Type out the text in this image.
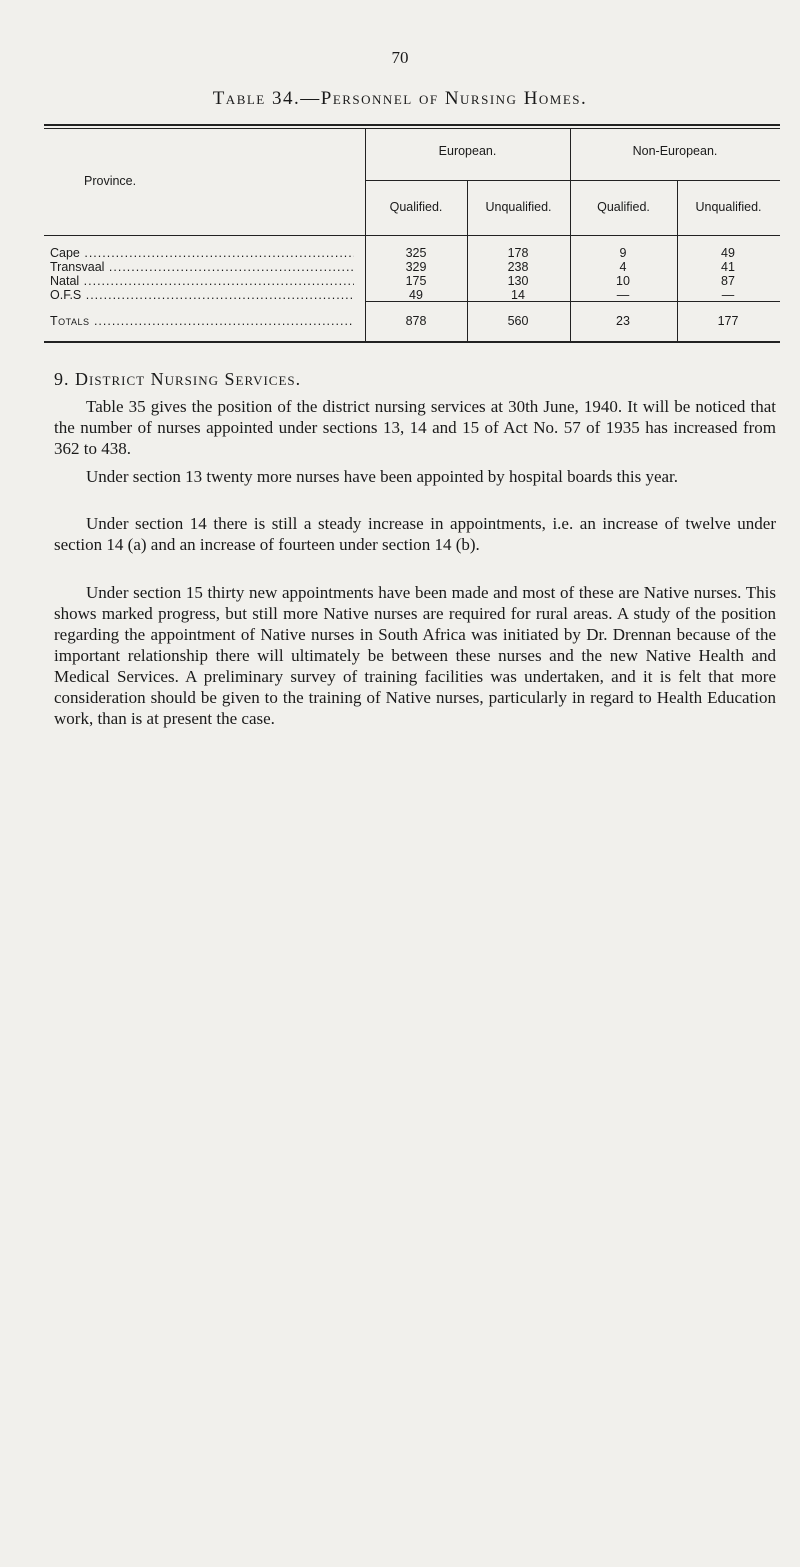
70
Table 34.—Personnel of Nursing Homes.
Province.
European.	Non-European.
Qualified.	Unqualified.	Qualified.	Unqualified.
Cape .....	325	178	9	49
Transvaal .....	329	238	4	41
Natal .....	175	130	10	87
O.F.S .....	49	14	—	—
Totals .....	878	560	23	177
9. District Nursing Services.

Table 35 gives the position of the district nursing services at 30th June, 1940. It will be noticed that the number of nurses appointed under sections 13, 14 and 15 of Act No. 57 of 1935 has increased from 362 to 438.

Under section 13 twenty more nurses have been appointed by hospital boards this year.

Under section 14 there is still a steady increase in appointments, i.e. an increase of twelve under section 14 (a) and an increase of fourteen under section 14 (b).

Under section 15 thirty new appointments have been made and most of these are Native nurses. This shows marked progress, but still more Native nurses are required for rural areas. A study of the position regarding the appointment of Native nurses in South Africa was initiated by Dr. Drennan because of the important relationship there will ultimately be between these nurses and the new Native Health and Medical Services. A preliminary survey of training facilities was undertaken, and it is felt that more consideration should be given to the training of Native nurses, particularly in regard to Health Education work, than is at present the case.
